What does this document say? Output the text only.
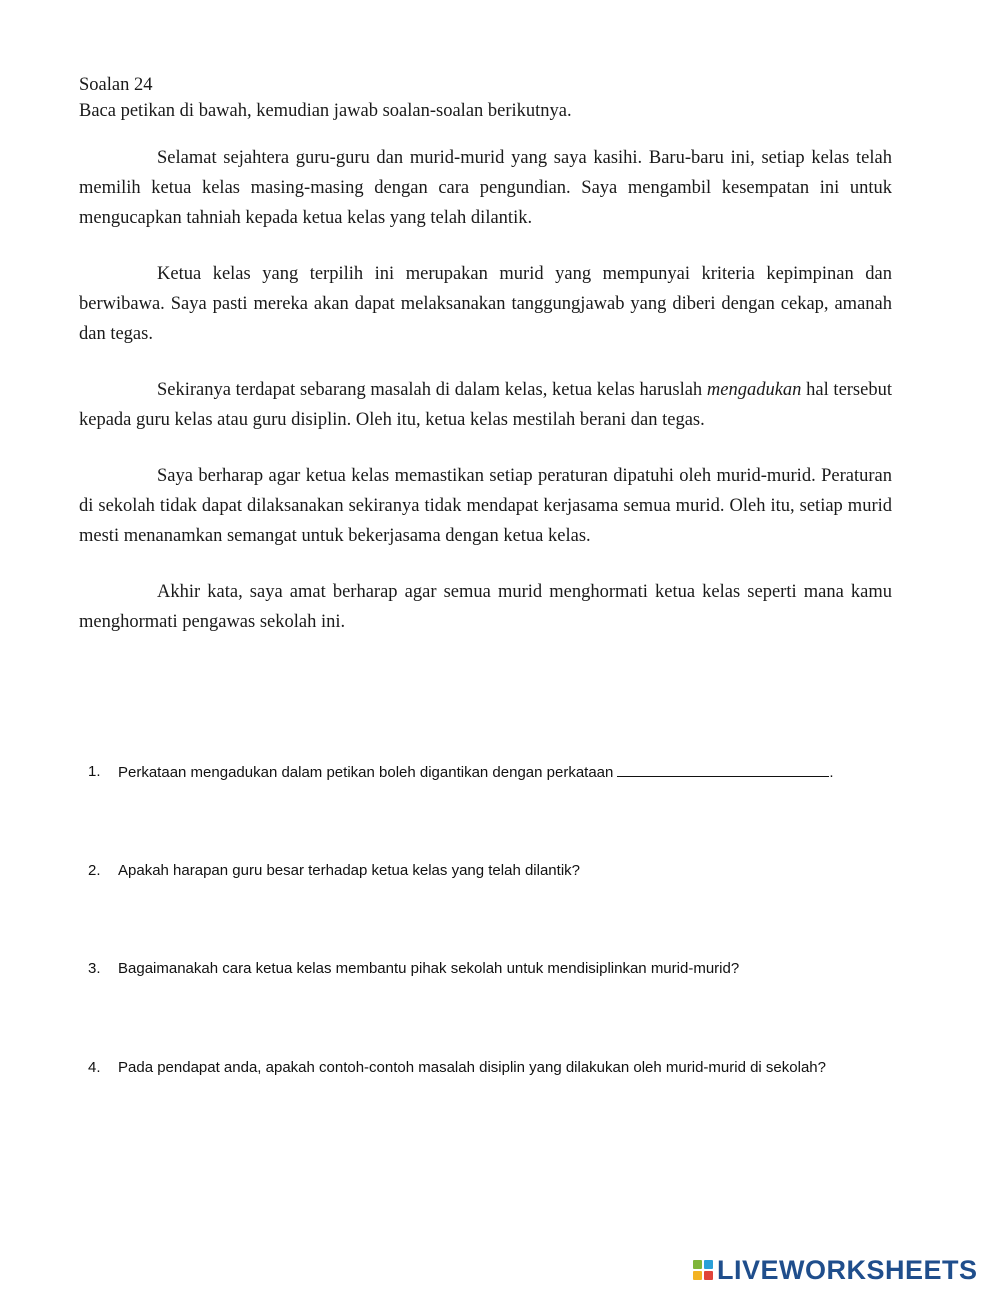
Soalan 24
Baca petikan di bawah, kemudian jawab soalan-soalan berikutnya.

Selamat sejahtera guru-guru dan murid-murid yang saya kasihi. Baru-baru ini, setiap kelas telah memilih ketua kelas masing-masing dengan cara pengundian. Saya mengambil kesempatan ini untuk mengucapkan tahniah kepada ketua kelas yang telah dilantik.

Ketua kelas yang terpilih ini merupakan murid yang mempunyai kriteria kepimpinan dan berwibawa. Saya pasti mereka akan dapat melaksanakan tanggungjawab yang diberi dengan cekap, amanah dan tegas.

Sekiranya terdapat sebarang masalah di dalam kelas, ketua kelas haruslah mengadukan hal tersebut kepada guru kelas atau guru disiplin. Oleh itu, ketua kelas mestilah berani dan tegas.

Saya berharap agar ketua kelas memastikan setiap peraturan dipatuhi oleh murid-murid. Peraturan di sekolah tidak dapat dilaksanakan sekiranya tidak mendapat kerjasama semua murid. Oleh itu, setiap murid mesti menanamkan semangat untuk bekerjasama dengan ketua kelas.

Akhir kata, saya amat berharap agar semua murid menghormati ketua kelas seperti mana kamu menghormati pengawas sekolah ini.

1.	Perkataan mengadukan dalam petikan boleh digantikan dengan perkataan	.
2.	Apakah harapan guru besar terhadap ketua kelas yang telah dilantik?
3.	Bagaimanakah cara ketua kelas membantu pihak sekolah untuk mendisiplinkan murid-murid?
4.	Pada pendapat anda, apakah contoh-contoh masalah disiplin yang dilakukan oleh murid-murid di sekolah?
LIVEWORKSHEETS
